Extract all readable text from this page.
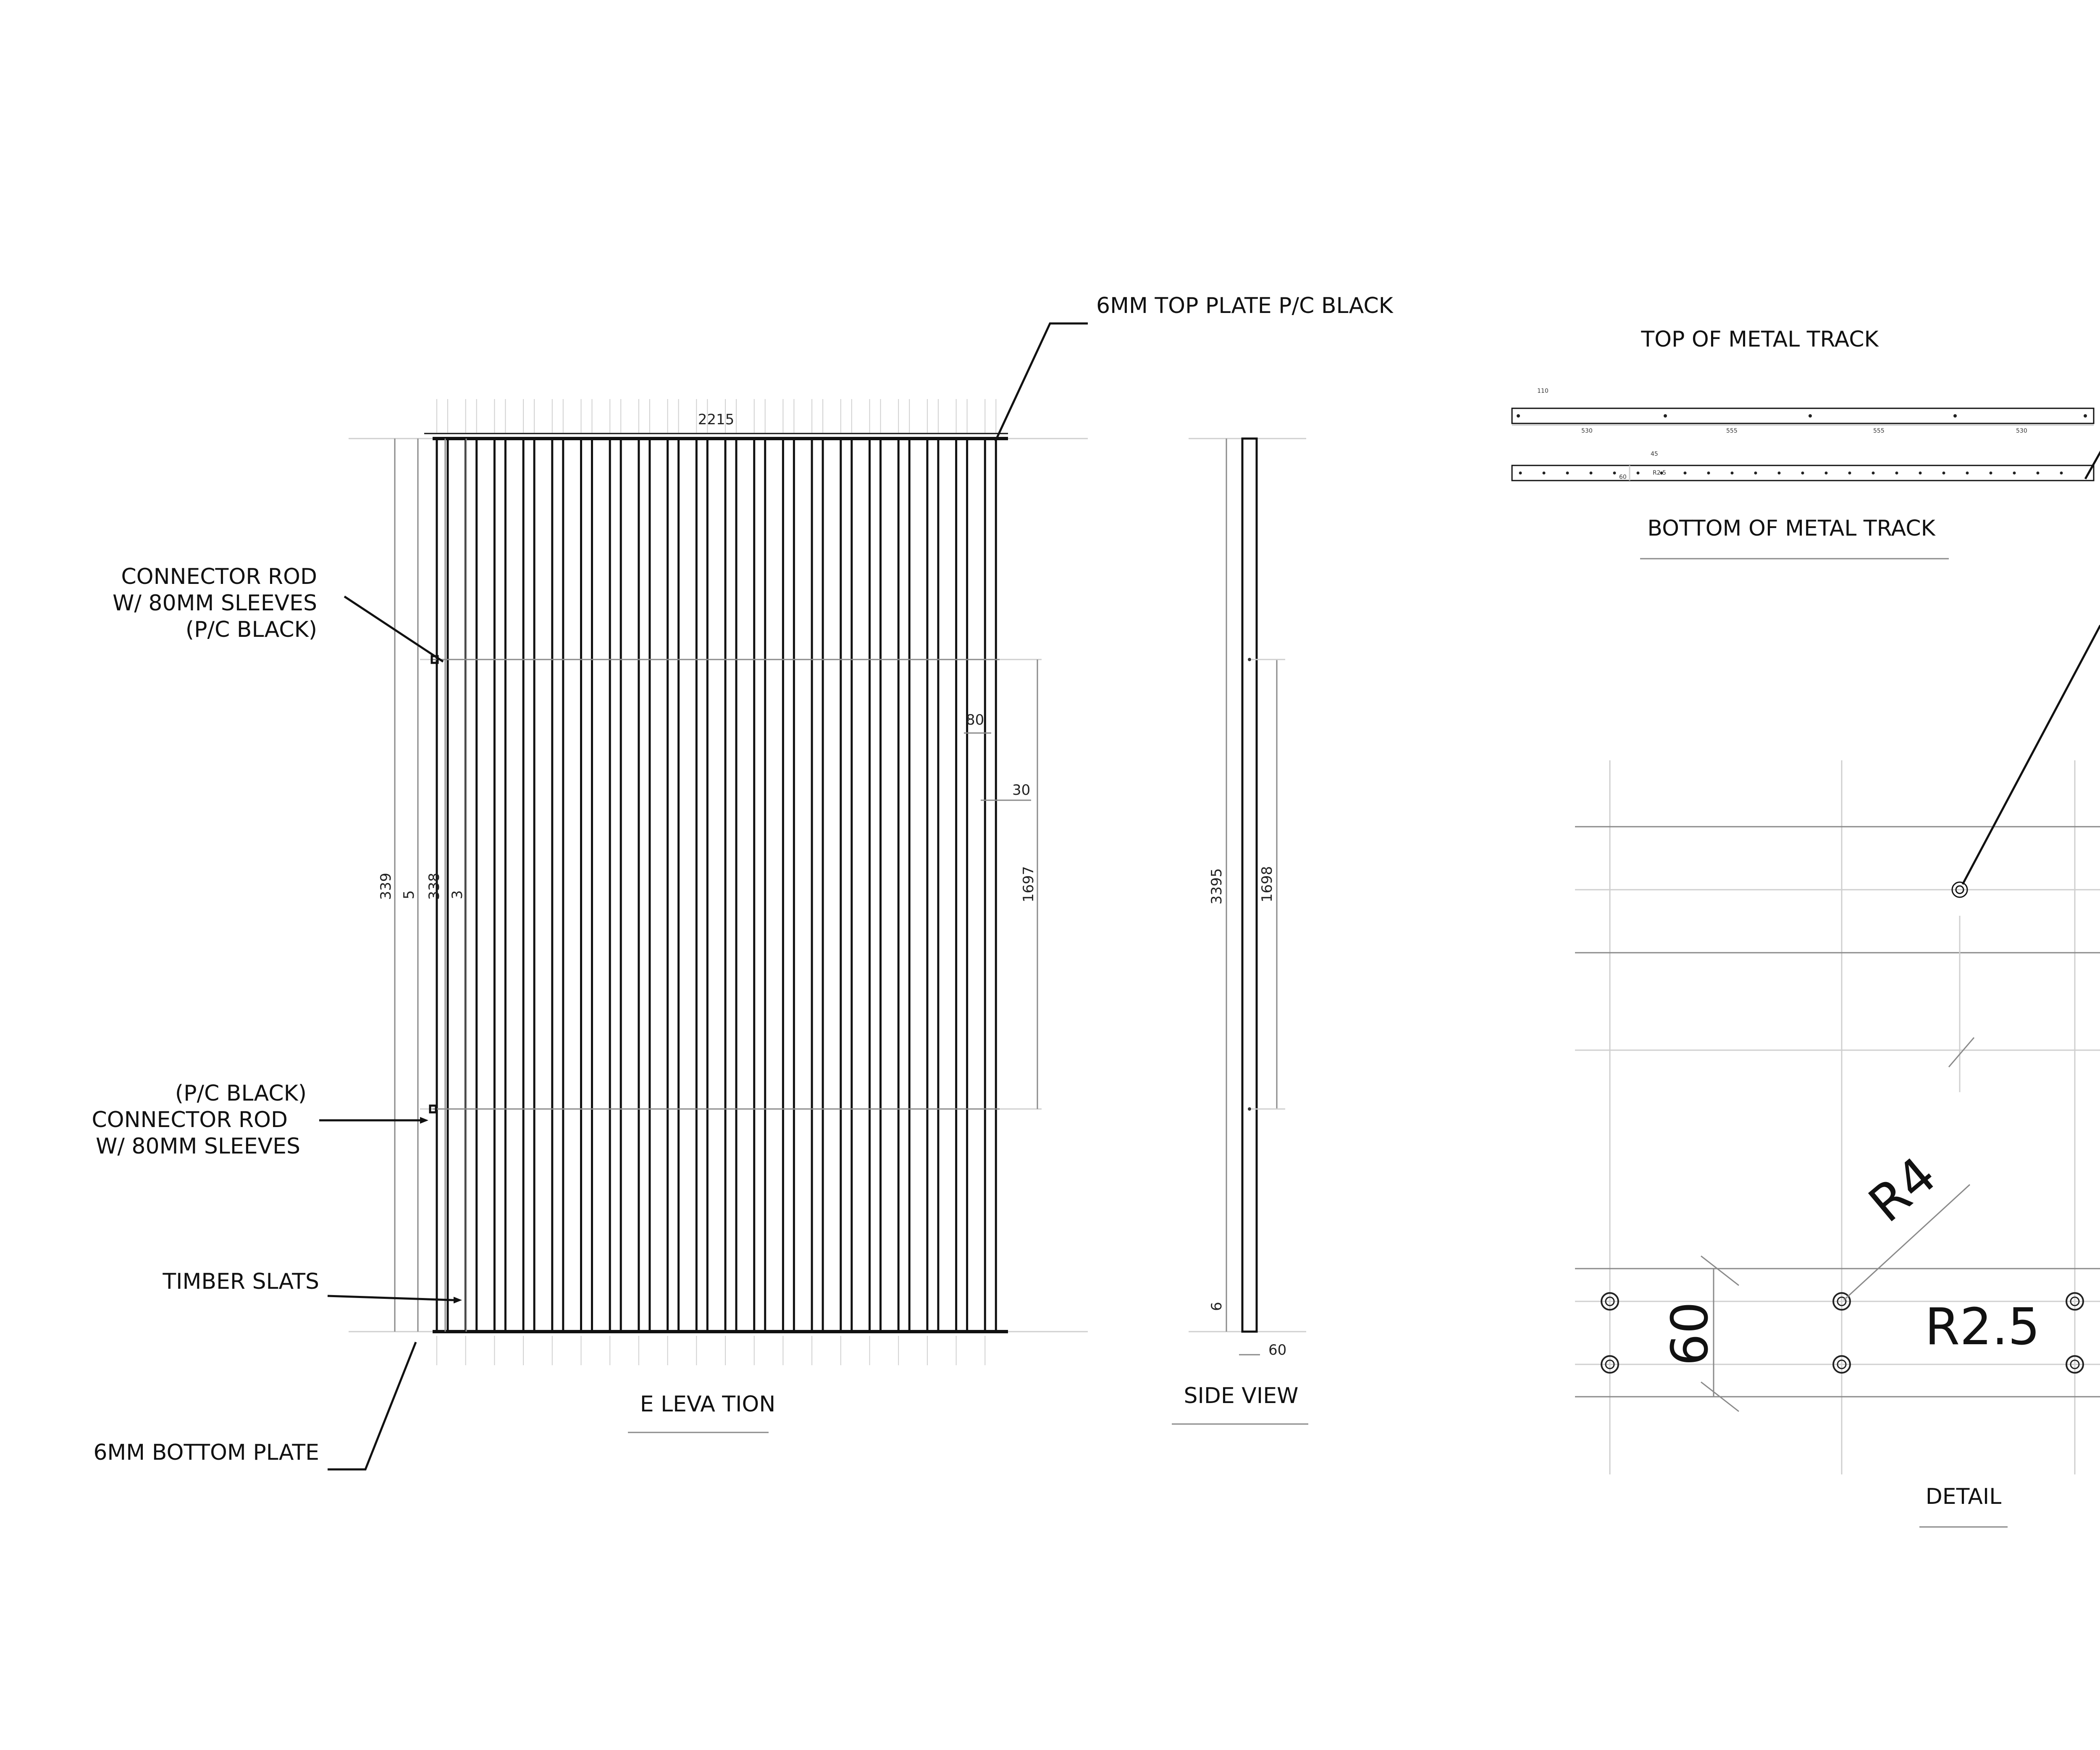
2215
339 5 338 3	1697
80
30
6MM TOP PLATE P/C BLACK
CONNECTOR ROD
W/ 80MM SLEEVES
(P/C BLACK)
(P/C BLACK)
CONNECTOR ROD
W/ 80MM SLEEVES
TIMBER SLATS
6MM BOTTOM PLATE
E LEVA TION
3395 1698
6
60
SIDE VIEW
TOP OF METAL TRACK
110
530	555	555	530
R2.5
60
45
BOTTOM OF METAL TRACK
R4
R2.5
60
DETAIL
